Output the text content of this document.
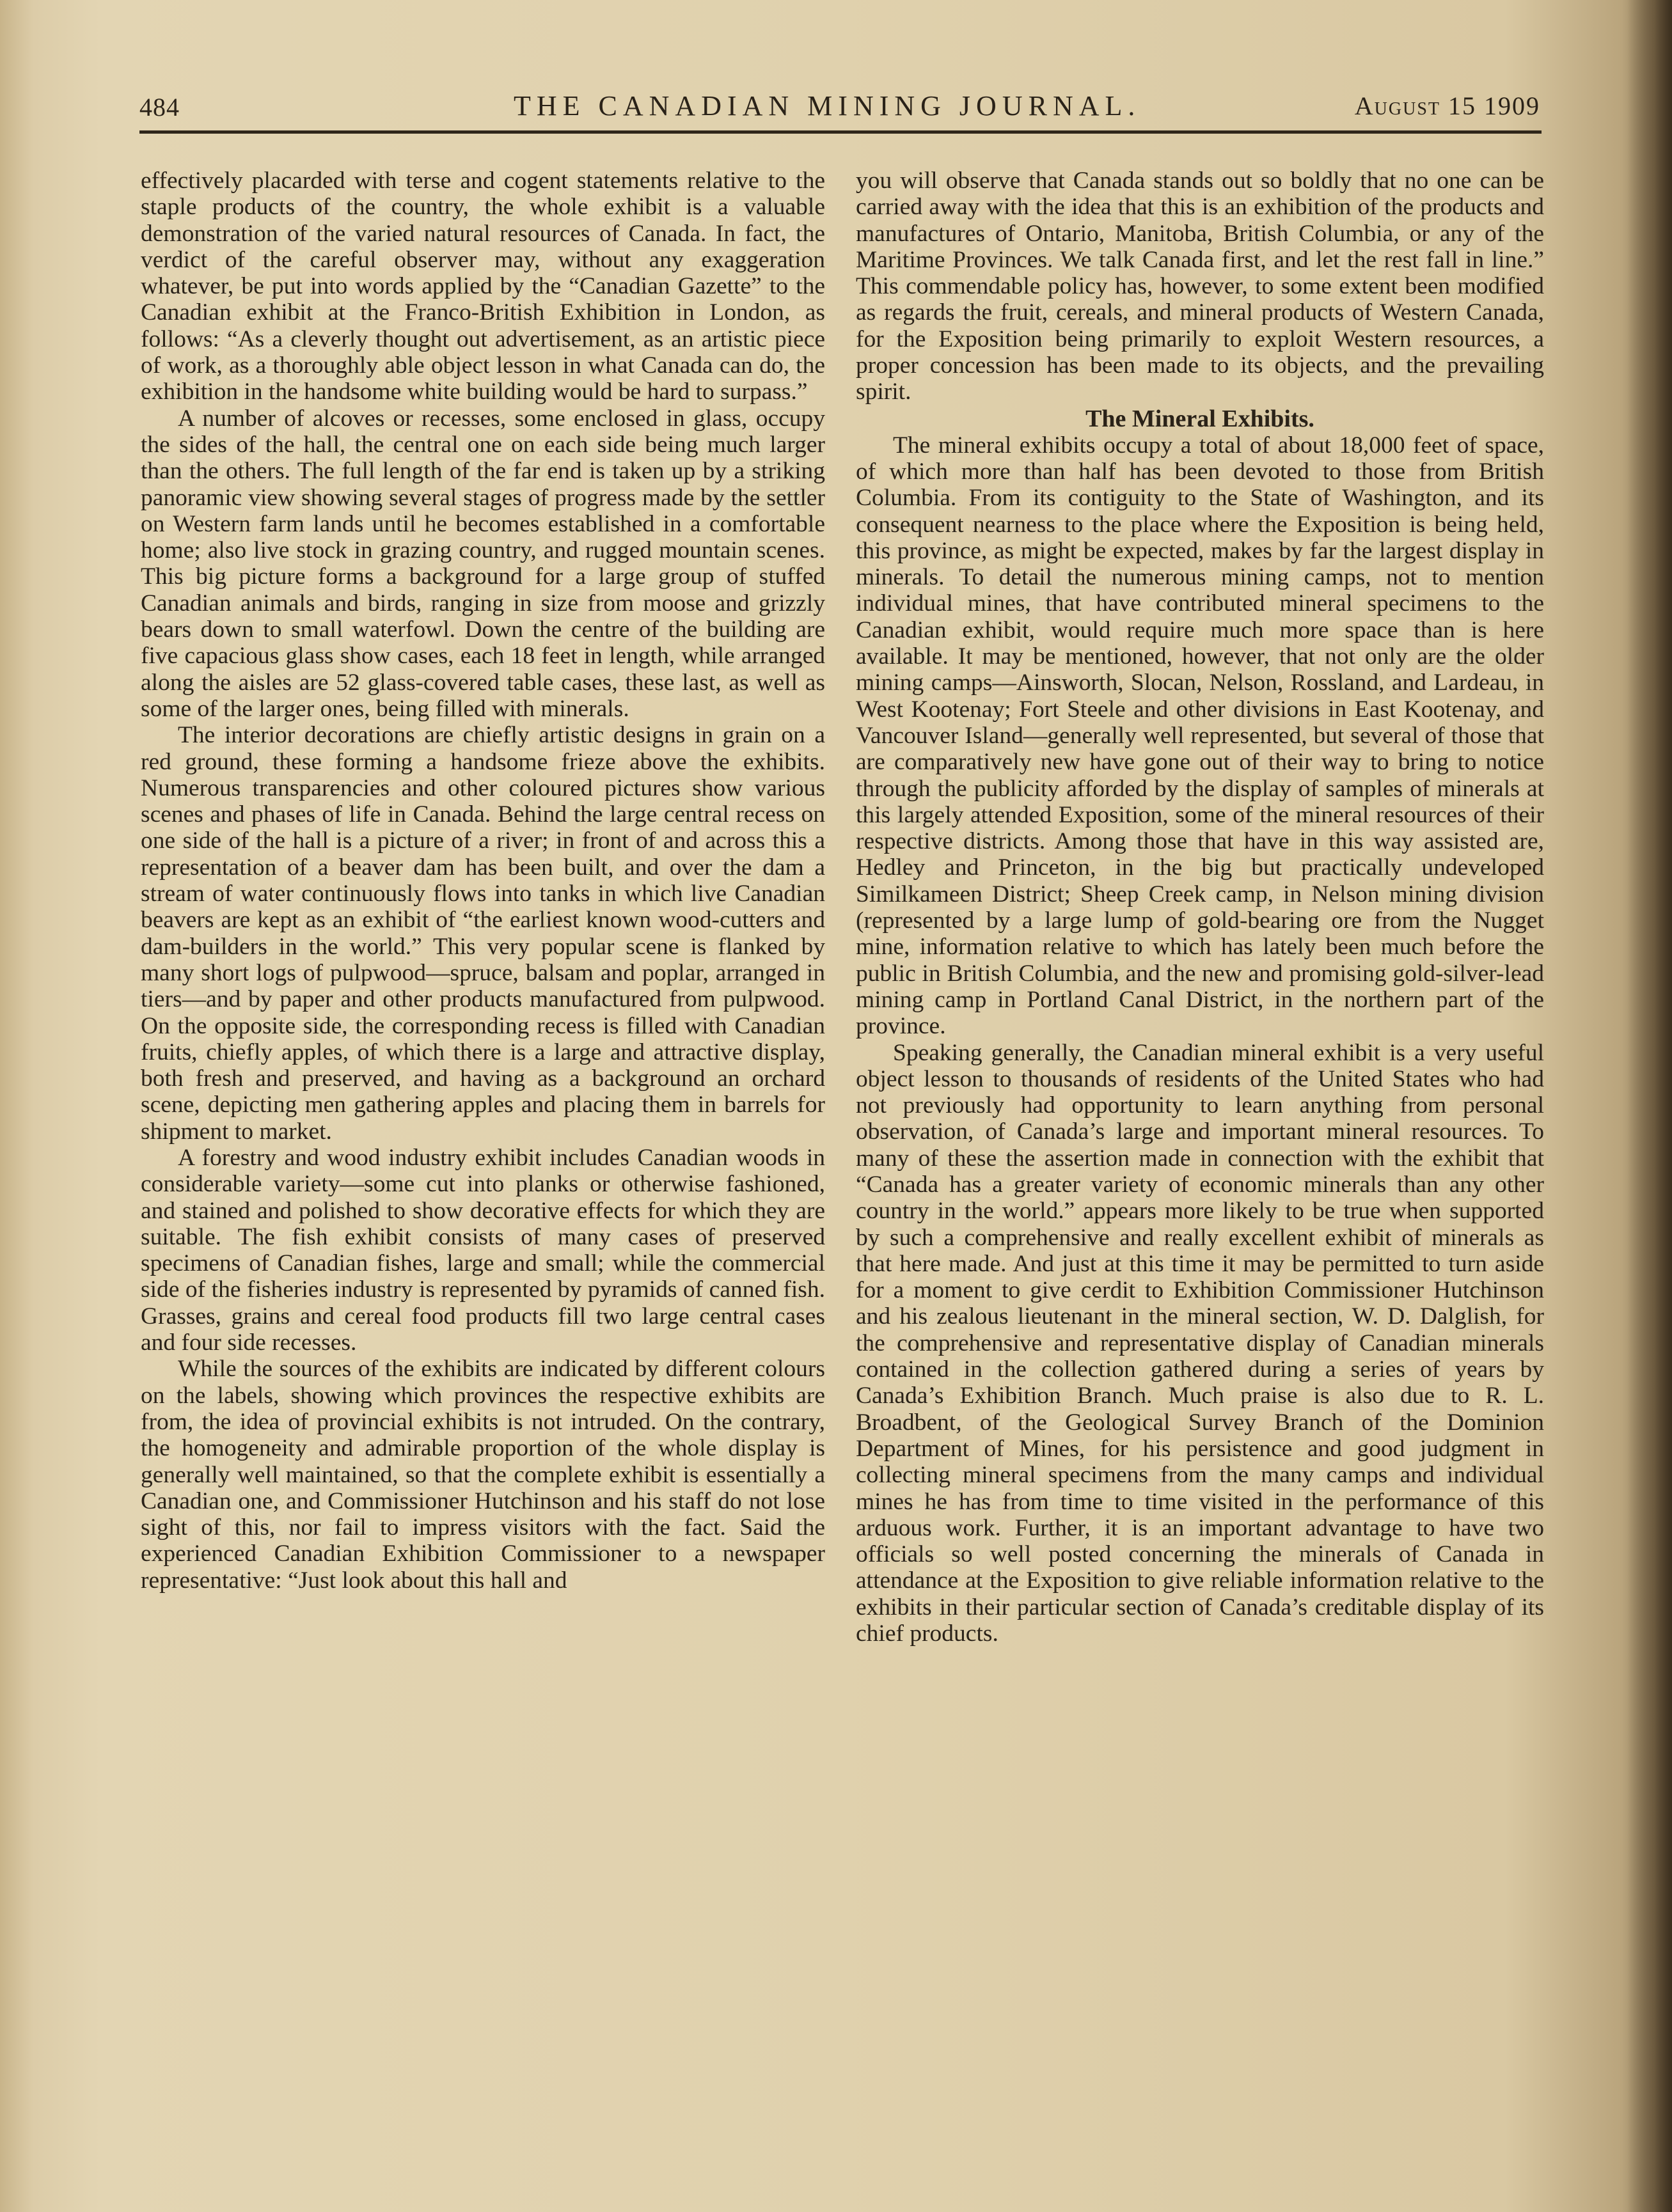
484	THE CANADIAN MINING JOURNAL.	August 15 1909

effectively placarded with terse and cogent statements relative to the staple products of the country, the whole exhibit is a valuable demonstration of the varied natural resources of Canada. In fact, the verdict of the careful observer may, without any exaggeration whatever, be put into words applied by the “Canadian Gazette” to the Canadian exhibit at the Franco-British Exhibition in London, as follows: “As a cleverly thought out advertisement, as an artistic piece of work, as a thoroughly able object lesson in what Canada can do, the exhibition in the handsome white building would be hard to surpass.”

A number of alcoves or recesses, some enclosed in glass, occupy the sides of the hall, the central one on each side being much larger than the others. The full length of the far end is taken up by a striking panoramic view showing several stages of progress made by the settler on Western farm lands until he becomes established in a comfortable home; also live stock in grazing country, and rugged mountain scenes. This big picture forms a background for a large group of stuffed Canadian animals and birds, ranging in size from moose and grizzly bears down to small waterfowl. Down the centre of the building are five capacious glass show cases, each 18 feet in length, while arranged along the aisles are 52 glass-covered table cases, these last, as well as some of the larger ones, being filled with minerals.

The interior decorations are chiefly artistic designs in grain on a red ground, these forming a handsome frieze above the exhibits. Numerous transparencies and other coloured pictures show various scenes and phases of life in Canada. Behind the large central recess on one side of the hall is a picture of a river; in front of and across this a representation of a beaver dam has been built, and over the dam a stream of water continuously flows into tanks in which live Canadian beavers are kept as an exhibit of “the earliest known wood-cutters and dam-builders in the world.” This very popular scene is flanked by many short logs of pulpwood—spruce, balsam and poplar, arranged in tiers—and by paper and other products manufactured from pulpwood. On the opposite side, the corresponding recess is filled with Canadian fruits, chiefly apples, of which there is a large and attractive display, both fresh and preserved, and having as a background an orchard scene, depicting men gathering apples and placing them in barrels for shipment to market.

A forestry and wood industry exhibit includes Canadian woods in considerable variety—some cut into planks or otherwise fashioned, and stained and polished to show decorative effects for which they are suitable. The fish exhibit consists of many cases of preserved specimens of Canadian fishes, large and small; while the commercial side of the fisheries industry is represented by pyramids of canned fish. Grasses, grains and cereal food products fill two large central cases and four side recesses.

While the sources of the exhibits are indicated by different colours on the labels, showing which provinces the respective exhibits are from, the idea of provincial exhibits is not intruded. On the contrary, the homogeneity and admirable proportion of the whole display is generally well maintained, so that the complete exhibit is essentially a Canadian one, and Commissioner Hutchinson and his staff do not lose sight of this, nor fail to impress visitors with the fact. Said the experienced Canadian Exhibition Commissioner to a newspaper representative: “Just look about this hall and

you will observe that Canada stands out so boldly that no one can be carried away with the idea that this is an exhibition of the products and manufactures of Ontario, Manitoba, British Columbia, or any of the Maritime Provinces. We talk Canada first, and let the rest fall in line.” This commendable policy has, however, to some extent been modified as regards the fruit, cereals, and mineral products of Western Canada, for the Exposition being primarily to exploit Western resources, a proper concession has been made to its objects, and the prevailing spirit.

The Mineral Exhibits.

The mineral exhibits occupy a total of about 18,000 feet of space, of which more than half has been devoted to those from British Columbia. From its contiguity to the State of Washington, and its consequent nearness to the place where the Exposition is being held, this province, as might be expected, makes by far the largest display in minerals. To detail the numerous mining camps, not to mention individual mines, that have contributed mineral specimens to the Canadian exhibit, would require much more space than is here available. It may be mentioned, however, that not only are the older mining camps—Ainsworth, Slocan, Nelson, Rossland, and Lardeau, in West Kootenay; Fort Steele and other divisions in East Kootenay, and Vancouver Island—generally well represented, but several of those that are comparatively new have gone out of their way to bring to notice through the publicity afforded by the display of samples of minerals at this largely attended Exposition, some of the mineral resources of their respective districts. Among those that have in this way assisted are, Hedley and Princeton, in the big but practically undeveloped Similkameen District; Sheep Creek camp, in Nelson mining division (represented by a large lump of gold-bearing ore from the Nugget mine, information relative to which has lately been much before the public in British Columbia, and the new and promising gold-silver-lead mining camp in Portland Canal District, in the northern part of the province.

Speaking generally, the Canadian mineral exhibit is a very useful object lesson to thousands of residents of the United States who had not previously had opportunity to learn anything from personal observation, of Canada’s large and important mineral resources. To many of these the assertion made in connection with the exhibit that “Canada has a greater variety of economic minerals than any other country in the world.” appears more likely to be true when supported by such a comprehensive and really excellent exhibit of minerals as that here made. And just at this time it may be permitted to turn aside for a moment to give cerdit to Exhibition Commissioner Hutchinson and his zealous lieutenant in the mineral section, W. D. Dalglish, for the comprehensive and representative display of Canadian minerals contained in the collection gathered during a series of years by Canada’s Exhibition Branch. Much praise is also due to R. L. Broadbent, of the Geological Survey Branch of the Dominion Department of Mines, for his persistence and good judgment in collecting mineral specimens from the many camps and individual mines he has from time to time visited in the performance of this arduous work. Further, it is an important advantage to have two officials so well posted concerning the minerals of Canada in attendance at the Exposition to give reliable information relative to the exhibits in their particular section of Canada’s creditable display of its chief products.
